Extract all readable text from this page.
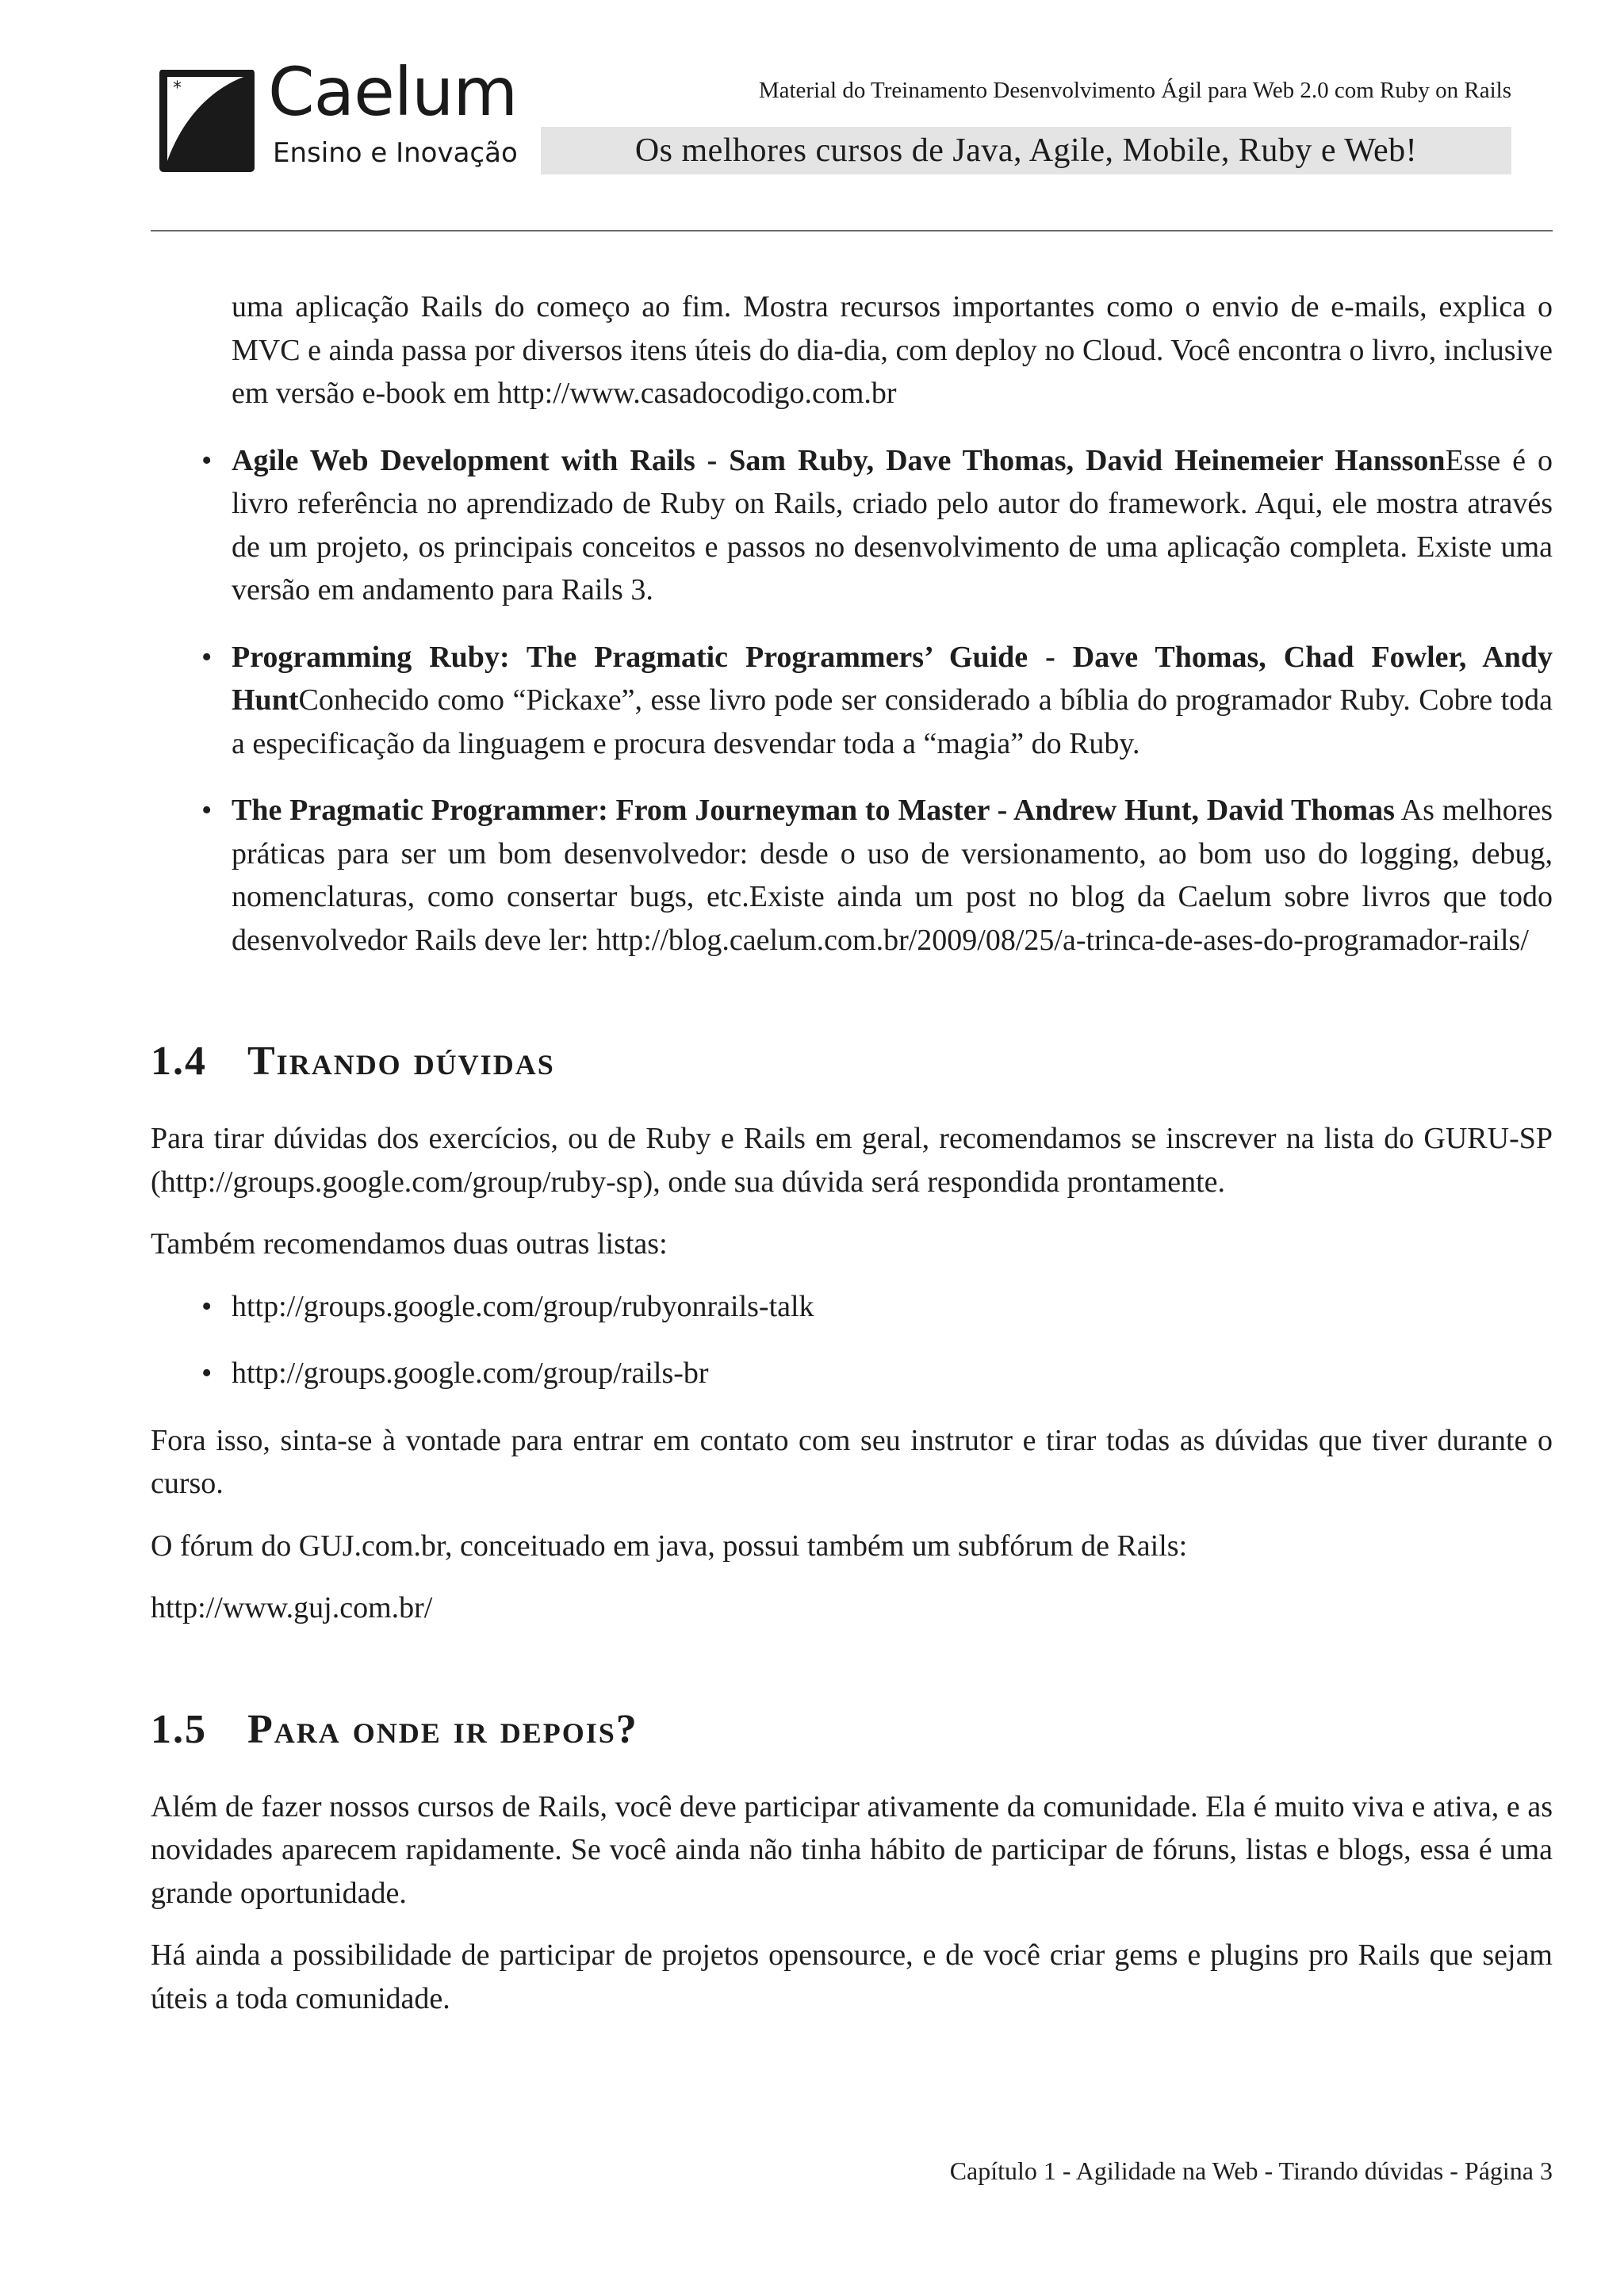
* Caelum
Ensino e Inovação
Material do Treinamento Desenvolvimento Ágil para Web 2.0 com Ruby on Rails
Os melhores cursos de Java, Agile, Mobile, Ruby e Web!

uma aplicação Rails do começo ao fim. Mostra recursos importantes como o envio de e-mails, explica o MVC e ainda passa por diversos itens úteis do dia-dia, com deploy no Cloud. Você encontra o livro, inclusive em versão e-book em http://www.casadocodigo.com.br

• Agile Web Development with Rails - Sam Ruby, Dave Thomas, David Heinemeier HanssonEsse é o livro referência no aprendizado de Ruby on Rails, criado pelo autor do framework. Aqui, ele mostra através de um projeto, os principais conceitos e passos no desenvolvimento de uma aplicação completa. Existe uma versão em andamento para Rails 3.
• Programming Ruby: The Pragmatic Programmers’ Guide - Dave Thomas, Chad Fowler, Andy HuntConhecido como “Pickaxe”, esse livro pode ser considerado a bíblia do programador Ruby. Cobre toda a especificação da linguagem e procura desvendar toda a “magia” do Ruby.
• The Pragmatic Programmer: From Journeyman to Master - Andrew Hunt, David Thomas As melhores práticas para ser um bom desenvolvedor: desde o uso de versionamento, ao bom uso do logging, debug, nomenclaturas, como consertar bugs, etc.Existe ainda um post no blog da Caelum sobre livros que todo desenvolvedor Rails deve ler: http://blog.caelum.com.br/2009/08/25/a-trinca-de-ases-do-programador-rails/
1.4 Tirando dúvidas

Para tirar dúvidas dos exercícios, ou de Ruby e Rails em geral, recomendamos se inscrever na lista do GURU-SP (http://groups.google.com/group/ruby-sp), onde sua dúvida será respondida prontamente.

Também recomendamos duas outras listas:

• http://groups.google.com/group/rubyonrails-talk
• http://groups.google.com/group/rails-br

Fora isso, sinta-se à vontade para entrar em contato com seu instrutor e tirar todas as dúvidas que tiver durante o curso.

O fórum do GUJ.com.br, conceituado em java, possui também um subfórum de Rails:

http://www.guj.com.br/

1.5 Para onde ir depois?

Além de fazer nossos cursos de Rails, você deve participar ativamente da comunidade. Ela é muito viva e ativa, e as novidades aparecem rapidamente. Se você ainda não tinha hábito de participar de fóruns, listas e blogs, essa é uma grande oportunidade.

Há ainda a possibilidade de participar de projetos opensource, e de você criar gems e plugins pro Rails que sejam úteis a toda comunidade.

Capítulo 1 - Agilidade na Web - Tirando dúvidas - Página 3
